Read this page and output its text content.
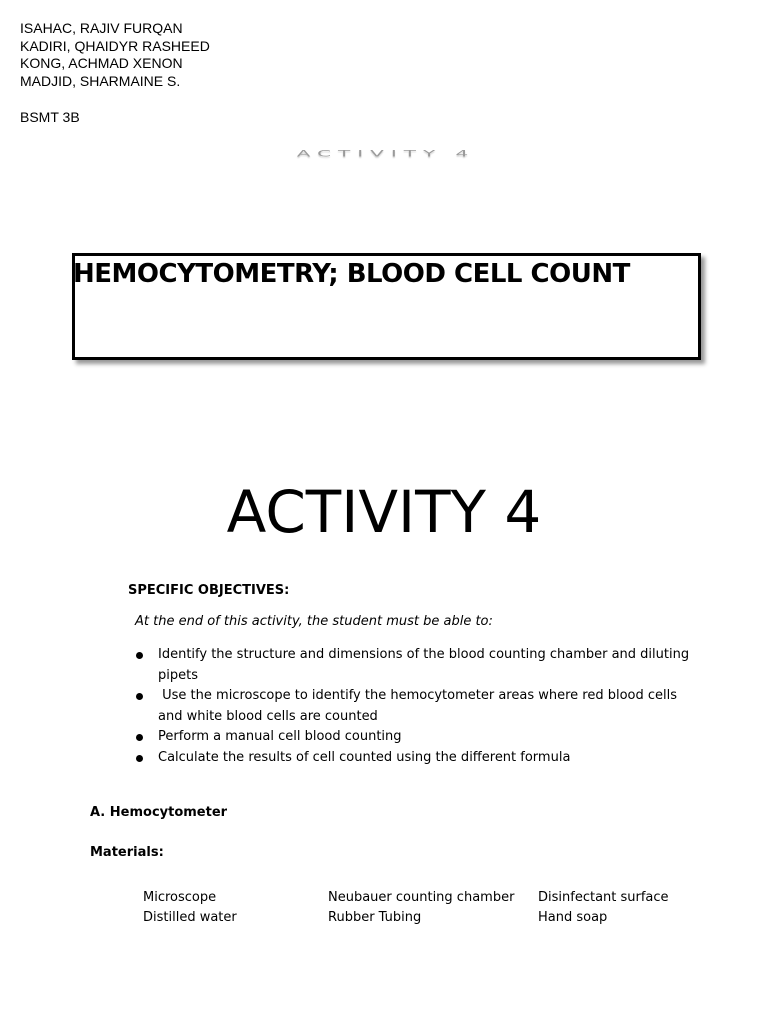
ISAHAC, RAJIV FURQAN
KADIRI, QHAIDYR RASHEED
KONG, ACHMAD XENON
MADJID, SHARMAINE S.
BSMT 3B
ACTIVITY 4
HEMOCYTOMETRY; BLOOD CELL COUNT
ACTIVITY 4
SPECIFIC OBJECTIVES:
At the end of this activity, the student must be able to:
Identify the structure and dimensions of the blood counting chamber and diluting pipets
Use the microscope to identify the hemocytometer areas where red blood cells and white blood cells are counted
Perform a manual cell blood counting
Calculate the results of cell counted using the different formula
A. Hemocytometer
Materials:
Microscope
Distilled water
Neubauer counting chamber
Rubber Tubing
Disinfectant surface
Hand soap
